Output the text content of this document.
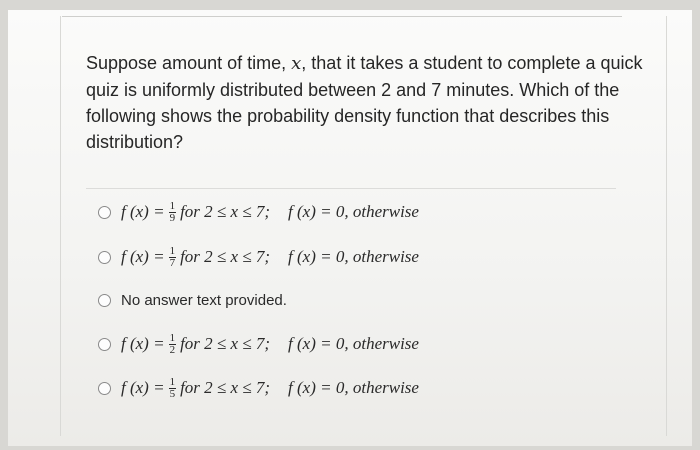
Suppose amount of time, x, that it takes a student to complete a quick quiz is uniformly distributed between 2 and 7 minutes. Which of the following shows the probability density function that describes this distribution?
f $(x) = \frac{1}{9}$ for 2 ≤ x ≤ 7; f (x) = 0, otherwise
f $(x) = \frac{1}{7}$ for 2 ≤ x ≤ 7; f (x) = 0, otherwise
No answer text provided.
f $(x) = \frac{1}{2}$ for 2 ≤ x ≤ 7; f (x) = 0, otherwise
f $(x) = \frac{1}{5}$ for 2 ≤ x ≤ 7; f (x) = 0, otherwise
